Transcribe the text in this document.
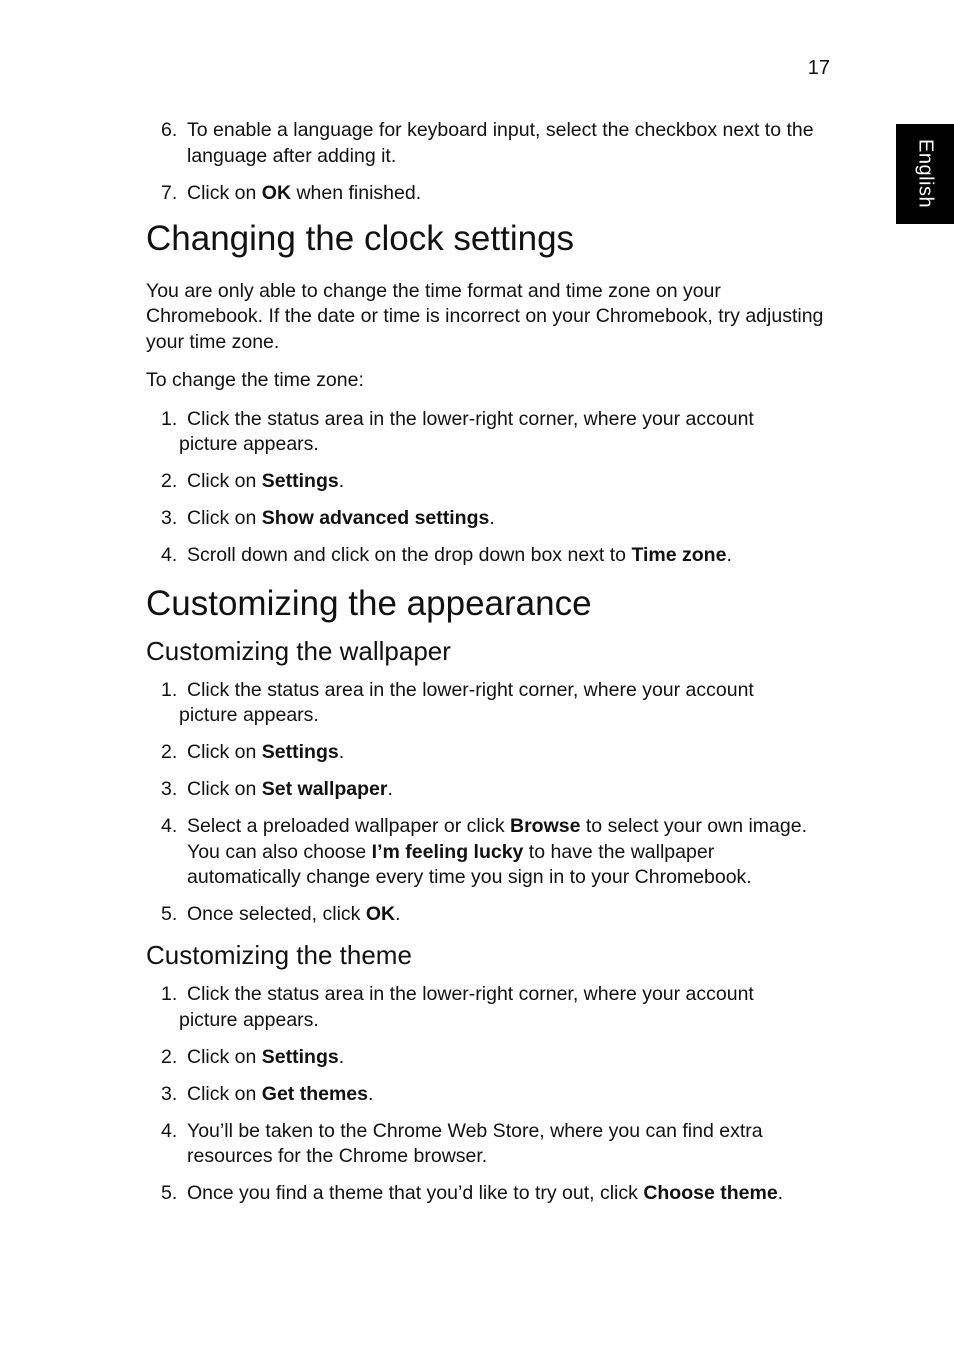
17
English
6. To enable a language for keyboard input, select the checkbox next to the language after adding it.
7. Click on OK when finished.
Changing the clock settings

You are only able to change the time format and time zone on your Chromebook. If the date or time is incorrect on your Chromebook, try adjusting your time zone.

To change the time zone:

1. Click the status area in the lower-right corner, where your account
picture appears.
2. Click on Settings.
3. Click on Show advanced settings.
4. Scroll down and click on the drop down box next to Time zone.
Customizing the appearance
Customizing the wallpaper
1. Click the status area in the lower-right corner, where your account
picture appears.
2. Click on Settings.
3. Click on Set wallpaper.
4. Select a preloaded wallpaper or click Browse to select your own image. You can also choose I’m feeling lucky to have the wallpaper automatically change every time you sign in to your Chromebook.
5. Once selected, click OK.
Customizing the theme
1. Click the status area in the lower-right corner, where your account
picture appears.
2. Click on Settings.
3. Click on Get themes.
4. You’ll be taken to the Chrome Web Store, where you can find extra resources for the Chrome browser.
5. Once you find a theme that you’d like to try out, click Choose theme.
